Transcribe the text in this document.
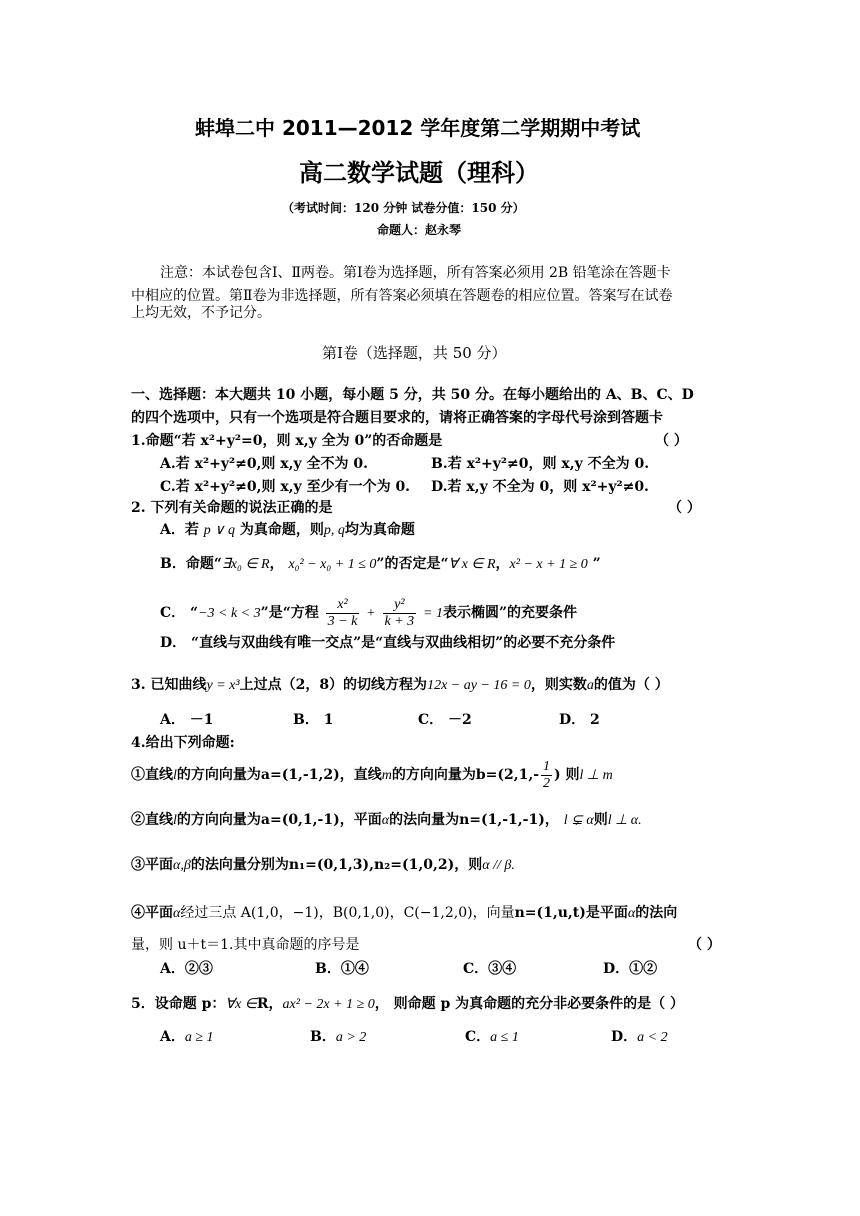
蚌埠二中 2011—2012 学年度第二学期期中考试
高二数学试题（理科）
（考试时间：120 分钟 试卷分值：150 分）
命题人：赵永琴
注意：本试卷包含Ⅰ、Ⅱ两卷。第Ⅰ卷为选择题，所有答案必须用 2B 铅笔涂在答题卡
中相应的位置。第Ⅱ卷为非选择题，所有答案必须填在答题卷的相应位置。答案写在试卷
上均无效，不予记分。
第Ⅰ卷（选择题，共 50 分）
一、选择题：本大题共 10 小题，每小题 5 分，共 50 分。在每小题给出的 A、B、C、D
的四个选项中，只有一个选项是符合题目要求的，请将正确答案的字母代号涂到答题卡
1.命题“若 x²+y²=0，则 x,y 全为 0”的否命题是	（ ）
A.若 x²+y²≠0,则 x,y 全不为 0.	B.若 x²+y²≠0，则 x,y 不全为 0.
C.若 x²+y²≠0,则 x,y 至少有一个为 0. D.若 x,y 不全为 0，则 x²+y²≠0.
2. 下列有关命题的说法正确的是	（ ）
A．若 p ∨ q 为真命题，则p, q均为真命题
B．命题“∃x₀ ∈ R， x₀² − x₀ + 1 ≤ 0”的否定是“∀ x ∈ R，x² − x + 1 ≥ 0 ”
C． “−3 < k < 3”是“方程 $\frac{\text{x²}}{3 - k} + \frac{\text{y²}}{k + 3} = 1$表示椭圆”的充要条件
D． “直线与双曲线有唯一交点”是“直线与双曲线相切”的必要不充分条件
3. 已知曲线y = x³上过点（2，8）的切线方程为12x − ay − 16 = 0，则实数a的值为（ ）
A． －1	B． 1	C． －2	D． 2
4.给出下列命题:
①直线l的方向向量为a=(1,-1,2)，直线m的方向向量为$b=(2,1,- \frac{1}{2}$ ) 则l ⊥ m
②直线l的方向向量为a=(0,1,-1)，平面α的法向量为n=(1,-1,-1)， l ⊊ α则l ⊥ α.
③平面α,β的法向量分别为n₁=(0,1,3),n₂=(1,0,2)，则α // β.
④平面α经过三点 A(1,0，−1)，B(0,1,0)，C(−1,2,0)，向量n=(1,u,t)是平面α的法向
量，则 u＋t＝1.其中真命题的序号是	（ ）
A．②③	B．①④	C．③④	D．①②
5．设命题 p：∀x ∈R，ax² − 2x + 1 ≥ 0， 则命题 p 为真命题的充分非必要条件的是（ ）
A．a ≥ 1	B．a > 2	C．a ≤ 1	D．a < 2
